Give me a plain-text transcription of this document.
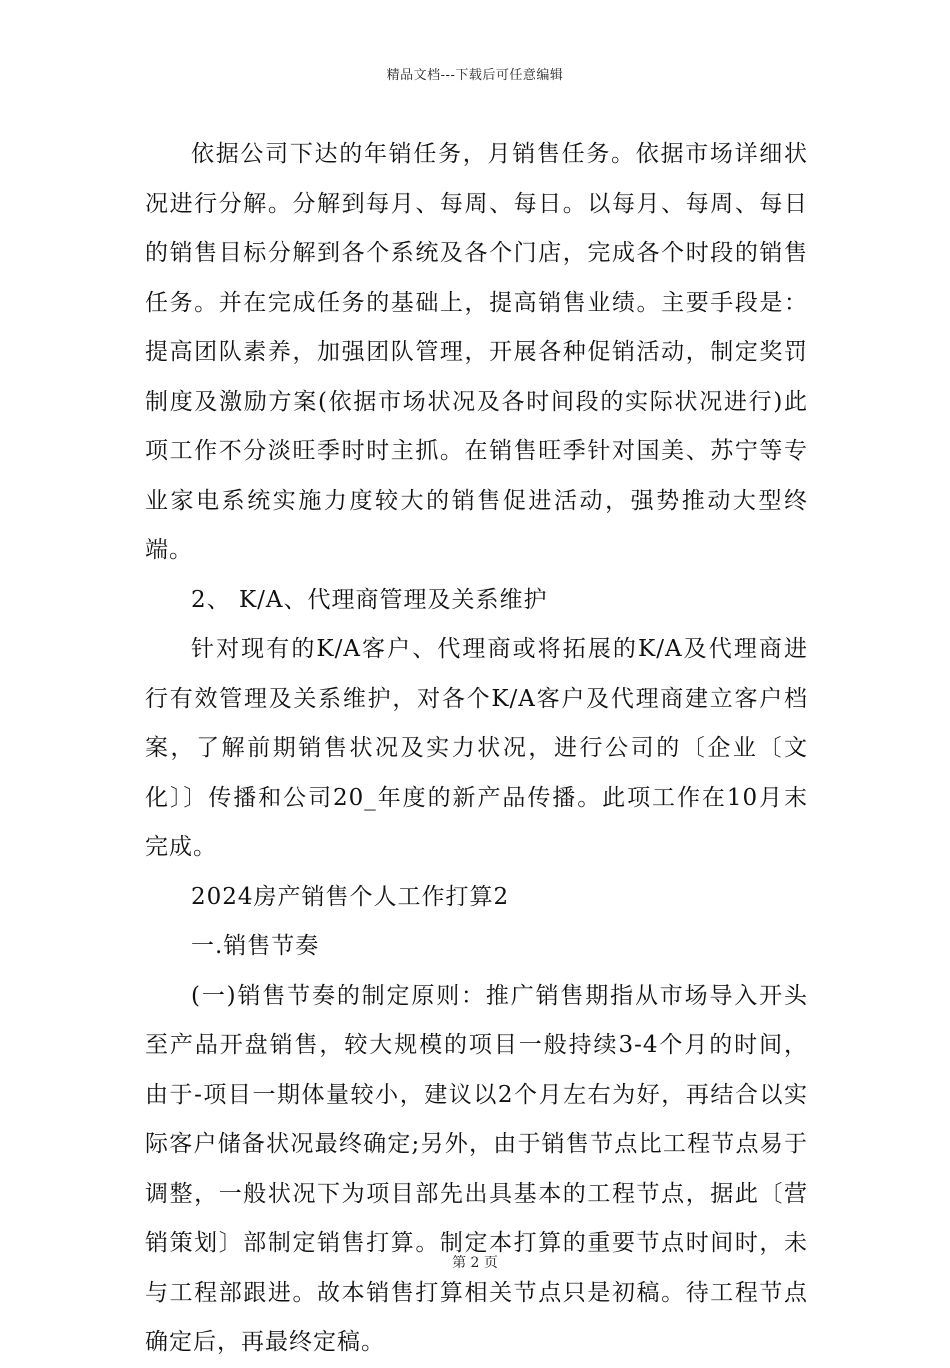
精品文档---下载后可任意编辑

依据公司下达的年销任务，月销售任务。依据市场详细状况进行分解。分解到每月、每周、每日。以每月、每周、每日的销售目标分解到各个系统及各个门店，完成各个时段的销售任务。并在完成任务的基础上，提高销售业绩。主要手段是：提高团队素养，加强团队管理，开展各种促销活动，制定奖罚制度及激励方案(依据市场状况及各时间段的实际状况进行)此项工作不分淡旺季时时主抓。在销售旺季针对国美、苏宁等专业家电系统实施力度较大的销售促进活动，强势推动大型终端。

2、 K/A、代理商管理及关系维护

针对现有的K/A客户、代理商或将拓展的K/A及代理商进行有效管理及关系维护，对各个K/A客户及代理商建立客户档案，了解前期销售状况及实力状况，进行公司的〔企业〔文化〕〕传播和公司20_年度的新产品传播。此项工作在10月末完成。

2024房产销售个人工作打算2

一.销售节奏

(一)销售节奏的制定原则：推广销售期指从市场导入开头至产品开盘销售，较大规模的项目一般持续3-4个月的时间，由于-项目一期体量较小，建议以2个月左右为好，再结合以实际客户储备状况最终确定;另外，由于销售节点比工程节点易于调整，一般状况下为项目部先出具基本的工程节点，据此〔营销策划〕部制定销售打算。制定本打算的重要节点时间时，未与工程部跟进。故本销售打算相关节点只是初稿。待工程节点确定后，再最终定稿。

第 2 页
